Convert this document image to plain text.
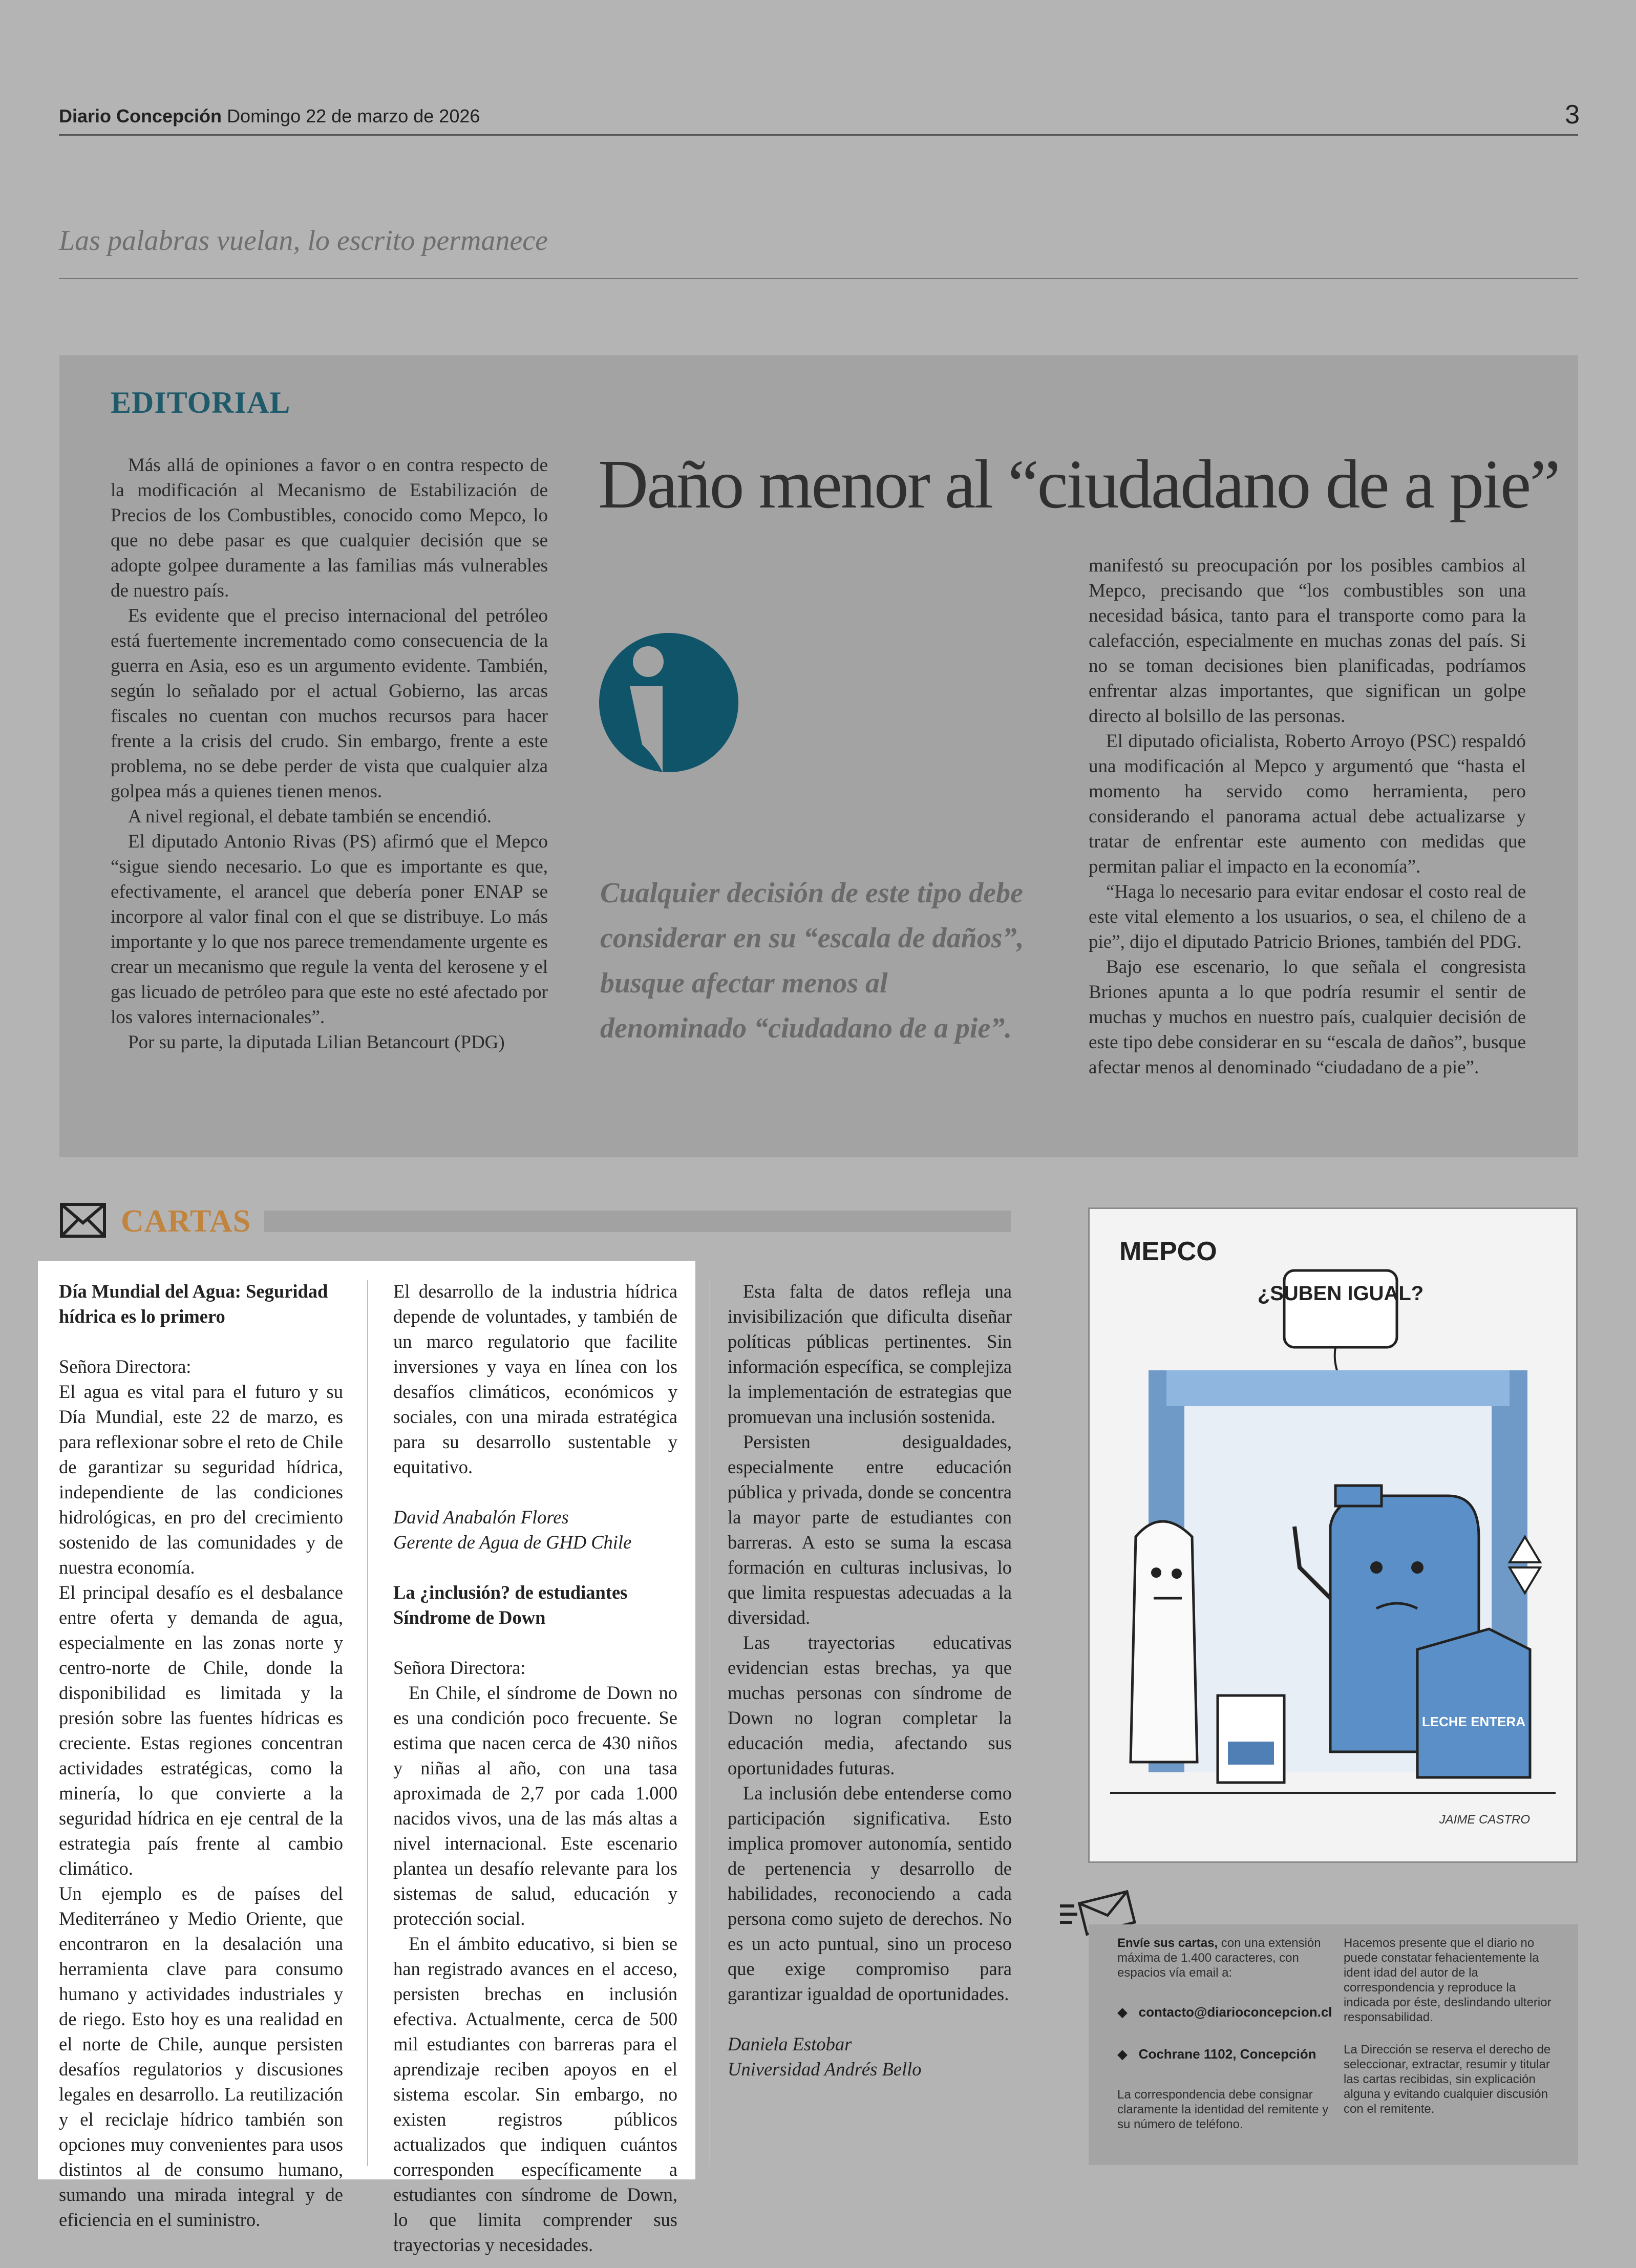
Diario Concepción Domingo 22 de marzo de 2026	3
Las palabras vuelan, lo escrito permanece
EDITORIAL

Más allá de opiniones a favor o en contra respecto de la modificación al Mecanismo de Estabilización de Precios de los Combustibles, conocido como Mepco, lo que no debe pasar es que cualquier decisión que se adopte golpee duramente a las familias más vulnerables de nuestro país.

Es evidente que el preciso internacional del petróleo está fuertemente incrementado como consecuencia de la guerra en Asia, eso es un argumento evidente. También, según lo señalado por el actual Gobierno, las arcas fiscales no cuentan con muchos recursos para hacer frente a la crisis del crudo. Sin embargo, frente a este problema, no se debe perder de vista que cualquier alza golpea más a quienes tienen menos.

A nivel regional, el debate también se encendió.

El diputado Antonio Rivas (PS) afirmó que el Mepco “sigue siendo necesario. Lo que es importante es que, efectivamente, el arancel que debería poner ENAP se incorpore al valor final con el que se distribuye. Lo más importante y lo que nos parece tremendamente urgente es crear un mecanismo que regule la venta del kerosene y el gas licuado de petróleo para que este no esté afectado por los valores internacionales”.

Por su parte, la diputada Lilian Betancourt (PDG)

Daño menor al “ciudadano de a pie”
Cualquier decisión de este tipo debe considerar en su “escala de daños”, busque afectar menos al denominado “ciudadano de a pie”.

manifestó su preocupación por los posibles cambios al Mepco, precisando que “los combustibles son una necesidad básica, tanto para el transporte como para la calefacción, especialmente en muchas zonas del país. Si no se toman decisiones bien planificadas, podríamos enfrentar alzas importantes, que significan un golpe directo al bolsillo de las personas.

El diputado oficialista, Roberto Arroyo (PSC) respaldó una modificación al Mepco y argumentó que “hasta el momento ha servido como herramienta, pero considerando el panorama actual debe actualizarse y tratar de enfrentar este aumento con medidas que permitan paliar el impacto en la economía”.

“Haga lo necesario para evitar endosar el costo real de este vital elemento a los usuarios, o sea, el chileno de a pie”, dijo el diputado Patricio Briones, también del PDG.

Bajo ese escenario, lo que señala el congresista Briones apunta a lo que podría resumir el sentir de muchas y muchos en nuestro país, cualquier decisión de este tipo debe considerar en su “escala de daños”, busque afectar menos al denominado “ciudadano de a pie”.

CARTAS

Día Mundial del Agua: Seguridad hídrica es lo primero

Señora Directora:

El agua es vital para el futuro y su Día Mundial, este 22 de marzo, es para reflexionar sobre el reto de Chile de garantizar su seguridad hídrica, independiente de las condiciones hidrológicas, en pro del crecimiento sostenido de las comunidades y de nuestra economía.

El principal desafío es el desbalance entre oferta y demanda de agua, especialmente en las zonas norte y centro-norte de Chile, donde la disponibilidad es limitada y la presión sobre las fuentes hídricas es creciente. Estas regiones concentran actividades estratégicas, como la minería, lo que convierte a la seguridad hídrica en eje central de la estrategia país frente al cambio climático.

Un ejemplo es de países del Mediterráneo y Medio Oriente, que encontraron en la desalación una herramienta clave para consumo humano y actividades industriales y de riego. Esto hoy es una realidad en el norte de Chile, aunque persisten desafíos regulatorios y discusiones legales en desarrollo. La reutilización y el reciclaje hídrico también son opciones muy convenientes para usos distintos al de consumo humano, sumando una mirada integral y de eficiencia en el suministro.

El desarrollo de la industria hídrica depende de voluntades, y también de un marco regulatorio que facilite inversiones y vaya en línea con los desafíos climáticos, económicos y sociales, con una mirada estratégica para su desarrollo sustentable y equitativo.

David Anabalón Flores

Gerente de Agua de GHD Chile

La ¿inclusión? de estudiantes Síndrome de Down

Señora Directora:

En Chile, el síndrome de Down no es una condición poco frecuente. Se estima que nacen cerca de 430 niños y niñas al año, con una tasa aproximada de 2,7 por cada 1.000 nacidos vivos, una de las más altas a nivel internacional. Este escenario plantea un desafío relevante para los sistemas de salud, educación y protección social.

En el ámbito educativo, si bien se han registrado avances en el acceso, persisten brechas en inclusión efectiva. Actualmente, cerca de 500 mil estudiantes con barreras para el aprendizaje reciben apoyos en el sistema escolar. Sin embargo, no existen registros públicos actualizados que indiquen cuántos corresponden específicamente a estudiantes con síndrome de Down, lo que limita comprender sus trayectorias y necesidades.

Esta falta de datos refleja una invisibilización que dificulta diseñar políticas públicas pertinentes. Sin información específica, se complejiza la implementación de estrategias que promuevan una inclusión sostenida.

Persisten desigualdades, especialmente entre educación pública y privada, donde se concentra la mayor parte de estudiantes con barreras. A esto se suma la escasa formación en culturas inclusivas, lo que limita respuestas adecuadas a la diversidad.

Las trayectorias educativas evidencian estas brechas, ya que muchas personas con síndrome de Down no logran completar la educación media, afectando sus oportunidades futuras.

La inclusión debe entenderse como participación significativa. Esto implica promover autonomía, sentido de pertenencia y desarrollo de habilidades, reconociendo a cada persona como sujeto de derechos. No es un acto puntual, sino un proceso que exige compromiso para garantizar igualdad de oportunidades.

Daniela Estobar

Universidad Andrés Bello

MEPCO
¿SUBEN IGUAL?
LECHE ENTERA
JAIME CASTRO
Envíe sus cartas, con una extensión máxima de 1.400 caracteres, con espacios vía email a:
◆ contacto@diarioconcepcion.cl
◆ Cochrane 1102, Concepción
La correspondencia debe consignar claramente la identidad del remitente y su número de teléfono.
Hacemos presente que el diario no puede constatar fehacientemente la ident idad del autor de la correspondencia y reproduce la indicada por éste, deslindando ulterior responsabilidad.
La Dirección se reserva el derecho de seleccionar, extractar, resumir y titular las cartas recibidas, sin explicación alguna y evitando cualquier discusión con el remitente.
